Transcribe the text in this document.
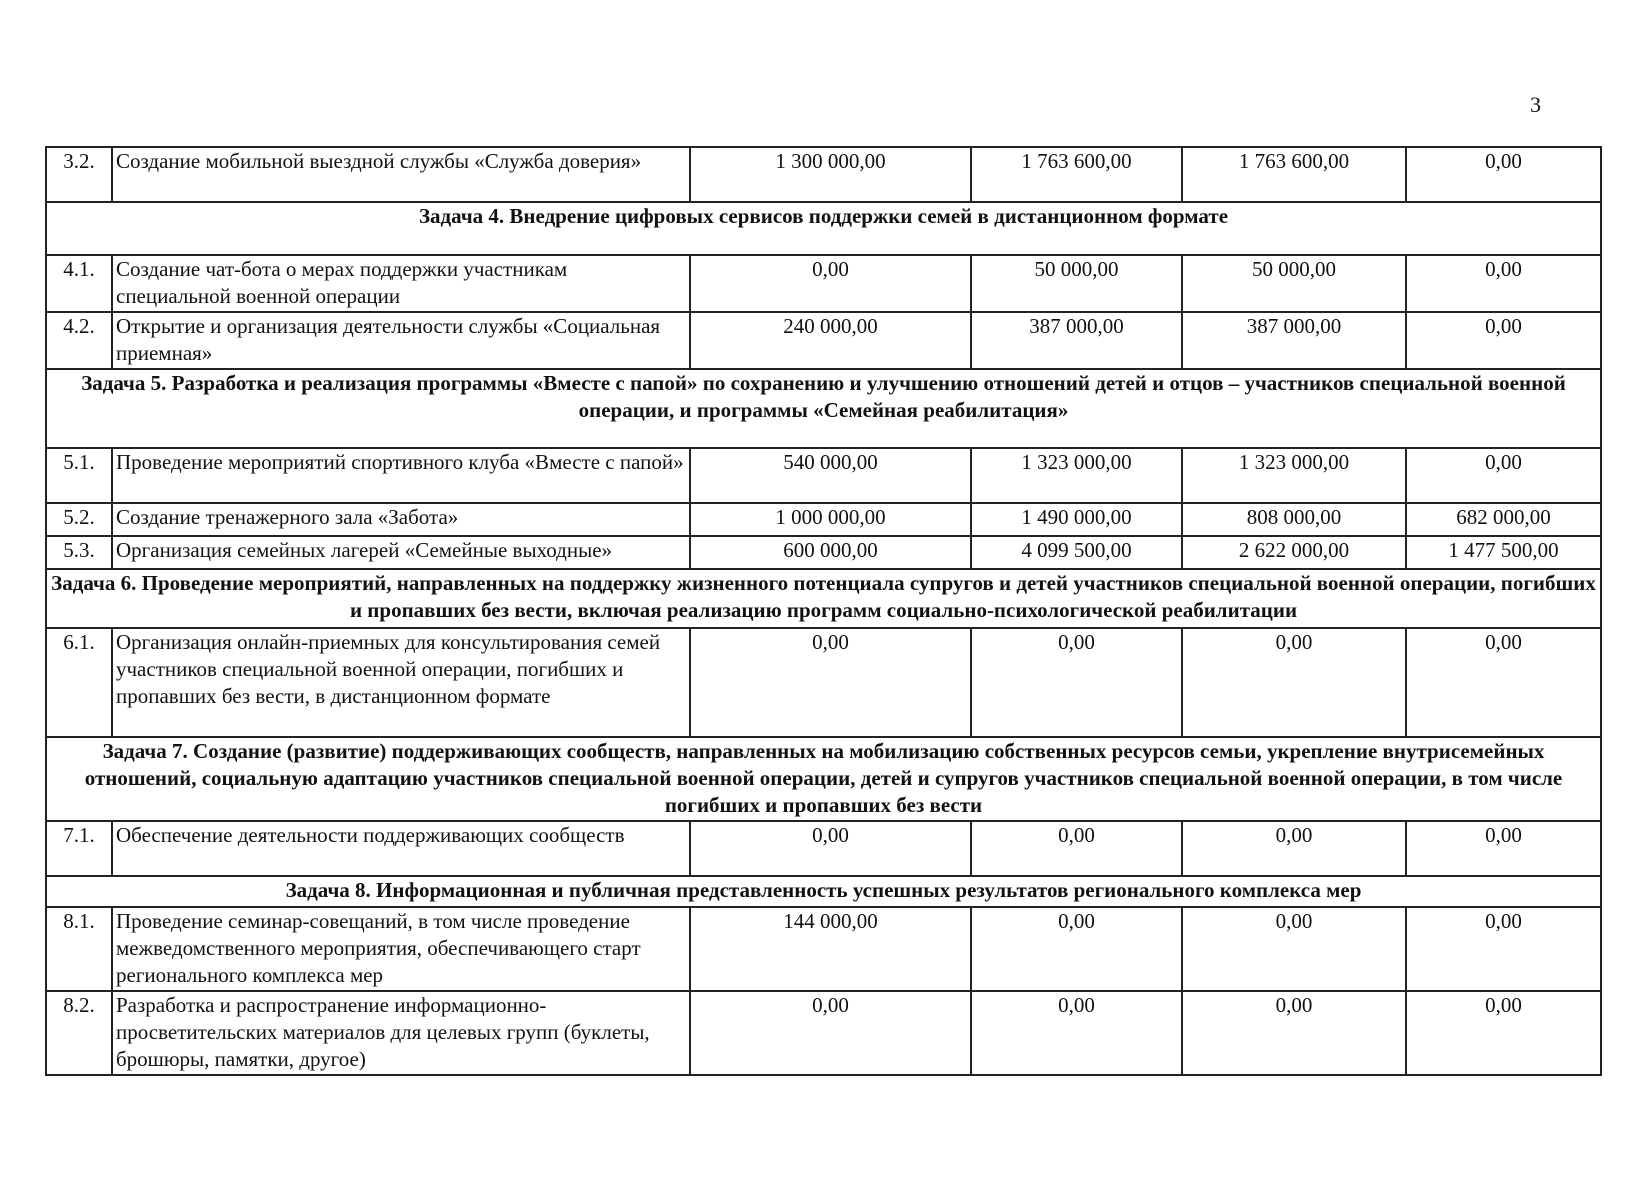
3
3.2.	Создание мобильной выездной службы «Служба доверия»	1 300 000,00	1 763 600,00	1 763 600,00	0,00
Задача 4. Внедрение цифровых сервисов поддержки семей в дистанционном формате					
4.1.	Создание чат-бота о мерах поддержки участникам специальной военной операции	0,00	50 000,00	50 000,00	0,00
4.2.	Открытие и организация деятельности службы «Социальная приемная»	240 000,00	387 000,00	387 000,00	0,00
Задача 5. Разработка и реализация программы «Вместе с папой» по сохранению и улучшению отношений детей и отцов – участников специальной военной операции, и программы «Семейная реабилитация»					
5.1.	Проведение мероприятий спортивного клуба «Вместе с папой»	540 000,00	1 323 000,00	1 323 000,00	0,00
5.2.	Создание тренажерного зала «Забота»	1 000 000,00	1 490 000,00	808 000,00	682 000,00
5.3.	Организация семейных лагерей «Семейные выходные»	600 000,00	4 099 500,00	2 622 000,00	1 477 500,00
Задача 6. Проведение мероприятий, направленных на поддержку жизненного потенциала супругов и детей участников специальной военной операции, погибших и пропавших без вести, включая реализацию программ социально-психологической реабилитации					
6.1.	Организация онлайн-приемных для консультирования семей участников специальной военной операции, погибших и пропавших без вести, в дистанционном формате	0,00	0,00	0,00	0,00
Задача 7. Создание (развитие) поддерживающих сообществ, направленных на мобилизацию собственных ресурсов семьи, укрепление внутрисемейных отношений, социальную адаптацию участников специальной военной операции, детей и супругов участников специальной военной операции, в том числе погибших и пропавших без вести					
7.1.	Обеспечение деятельности поддерживающих сообществ	0,00	0,00	0,00	0,00
Задача 8. Информационная и публичная представленность успешных результатов регионального комплекса мер					
8.1.	Проведение семинар-совещаний, в том числе проведение межведомственного мероприятия, обеспечивающего старт регионального комплекса мер	144 000,00	0,00	0,00	0,00
8.2.	Разработка и распространение информационно-просветительских материалов для целевых групп (буклеты, брошюры, памятки, другое)	0,00	0,00	0,00	0,00
